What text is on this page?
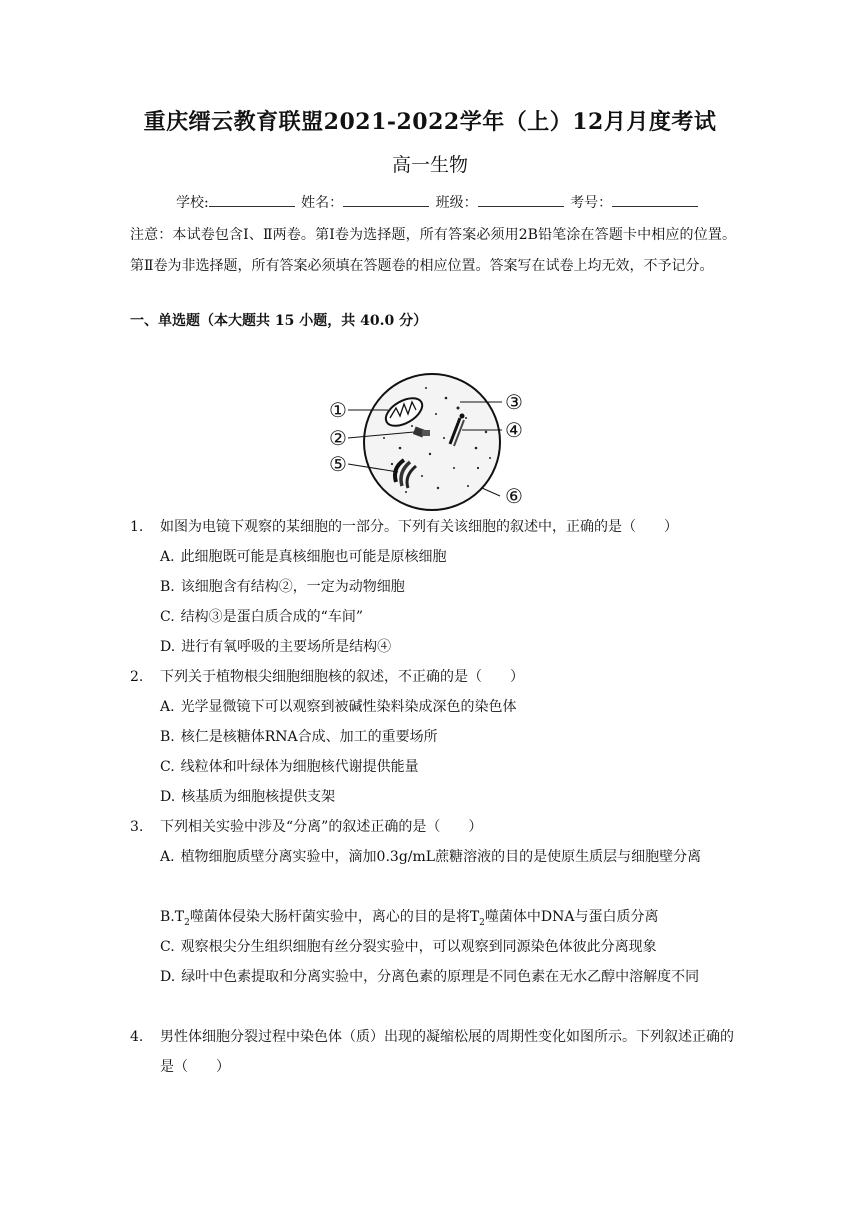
重庆缙云教育联盟2021-2022学年（上）12月月度考试
高一生物
学校:	姓名：	班级：	考号：
注意：本试卷包含Ⅰ、Ⅱ两卷。第Ⅰ卷为选择题，所有答案必须用2B铅笔涂在答题卡中相应的位置。第Ⅱ卷为非选择题，所有答案必须填在答题卷的相应位置。答案写在试卷上均无效，不予记分。
一、单选题（本大题共 15 小题，共 40.0 分）
①
②
⑤
③
④
⑥
1. 如图为电镜下观察的某细胞的一部分。下列有关该细胞的叙述中，正确的是（　　）
A. 此细胞既可能是真核细胞也可能是原核细胞
B. 该细胞含有结构②，一定为动物细胞
C. 结构③是蛋白质合成的“车间”
D. 进行有氧呼吸的主要场所是结构④
2. 下列关于植物根尖细胞细胞核的叙述，不正确的是（　　）
A. 光学显微镜下可以观察到被碱性染料染成深色的染色体
B. 核仁是核糖体RNA合成、加工的重要场所
C. 线粒体和叶绿体为细胞核代谢提供能量
D. 核基质为细胞核提供支架
3. 下列相关实验中涉及“分离”的叙述正确的是（　　）
A. 植物细胞质壁分离实验中，滴加0.3g/mL蔗糖溶液的目的是使原生质层与细胞壁分离
$B.T_2$噬菌体侵染大肠杆菌实验中，离心的目的是将$T_2$噬菌体中DNA与蛋白质分离
C. 观察根尖分生组织细胞有丝分裂实验中，可以观察到同源染色体彼此分离现象
D. 绿叶中色素提取和分离实验中，分离色素的原理是不同色素在无水乙醇中溶解度不同
4. 男性体细胞分裂过程中染色体（质）出现的凝缩松展的周期性变化如图所示。下列叙述正确的是（　　）
